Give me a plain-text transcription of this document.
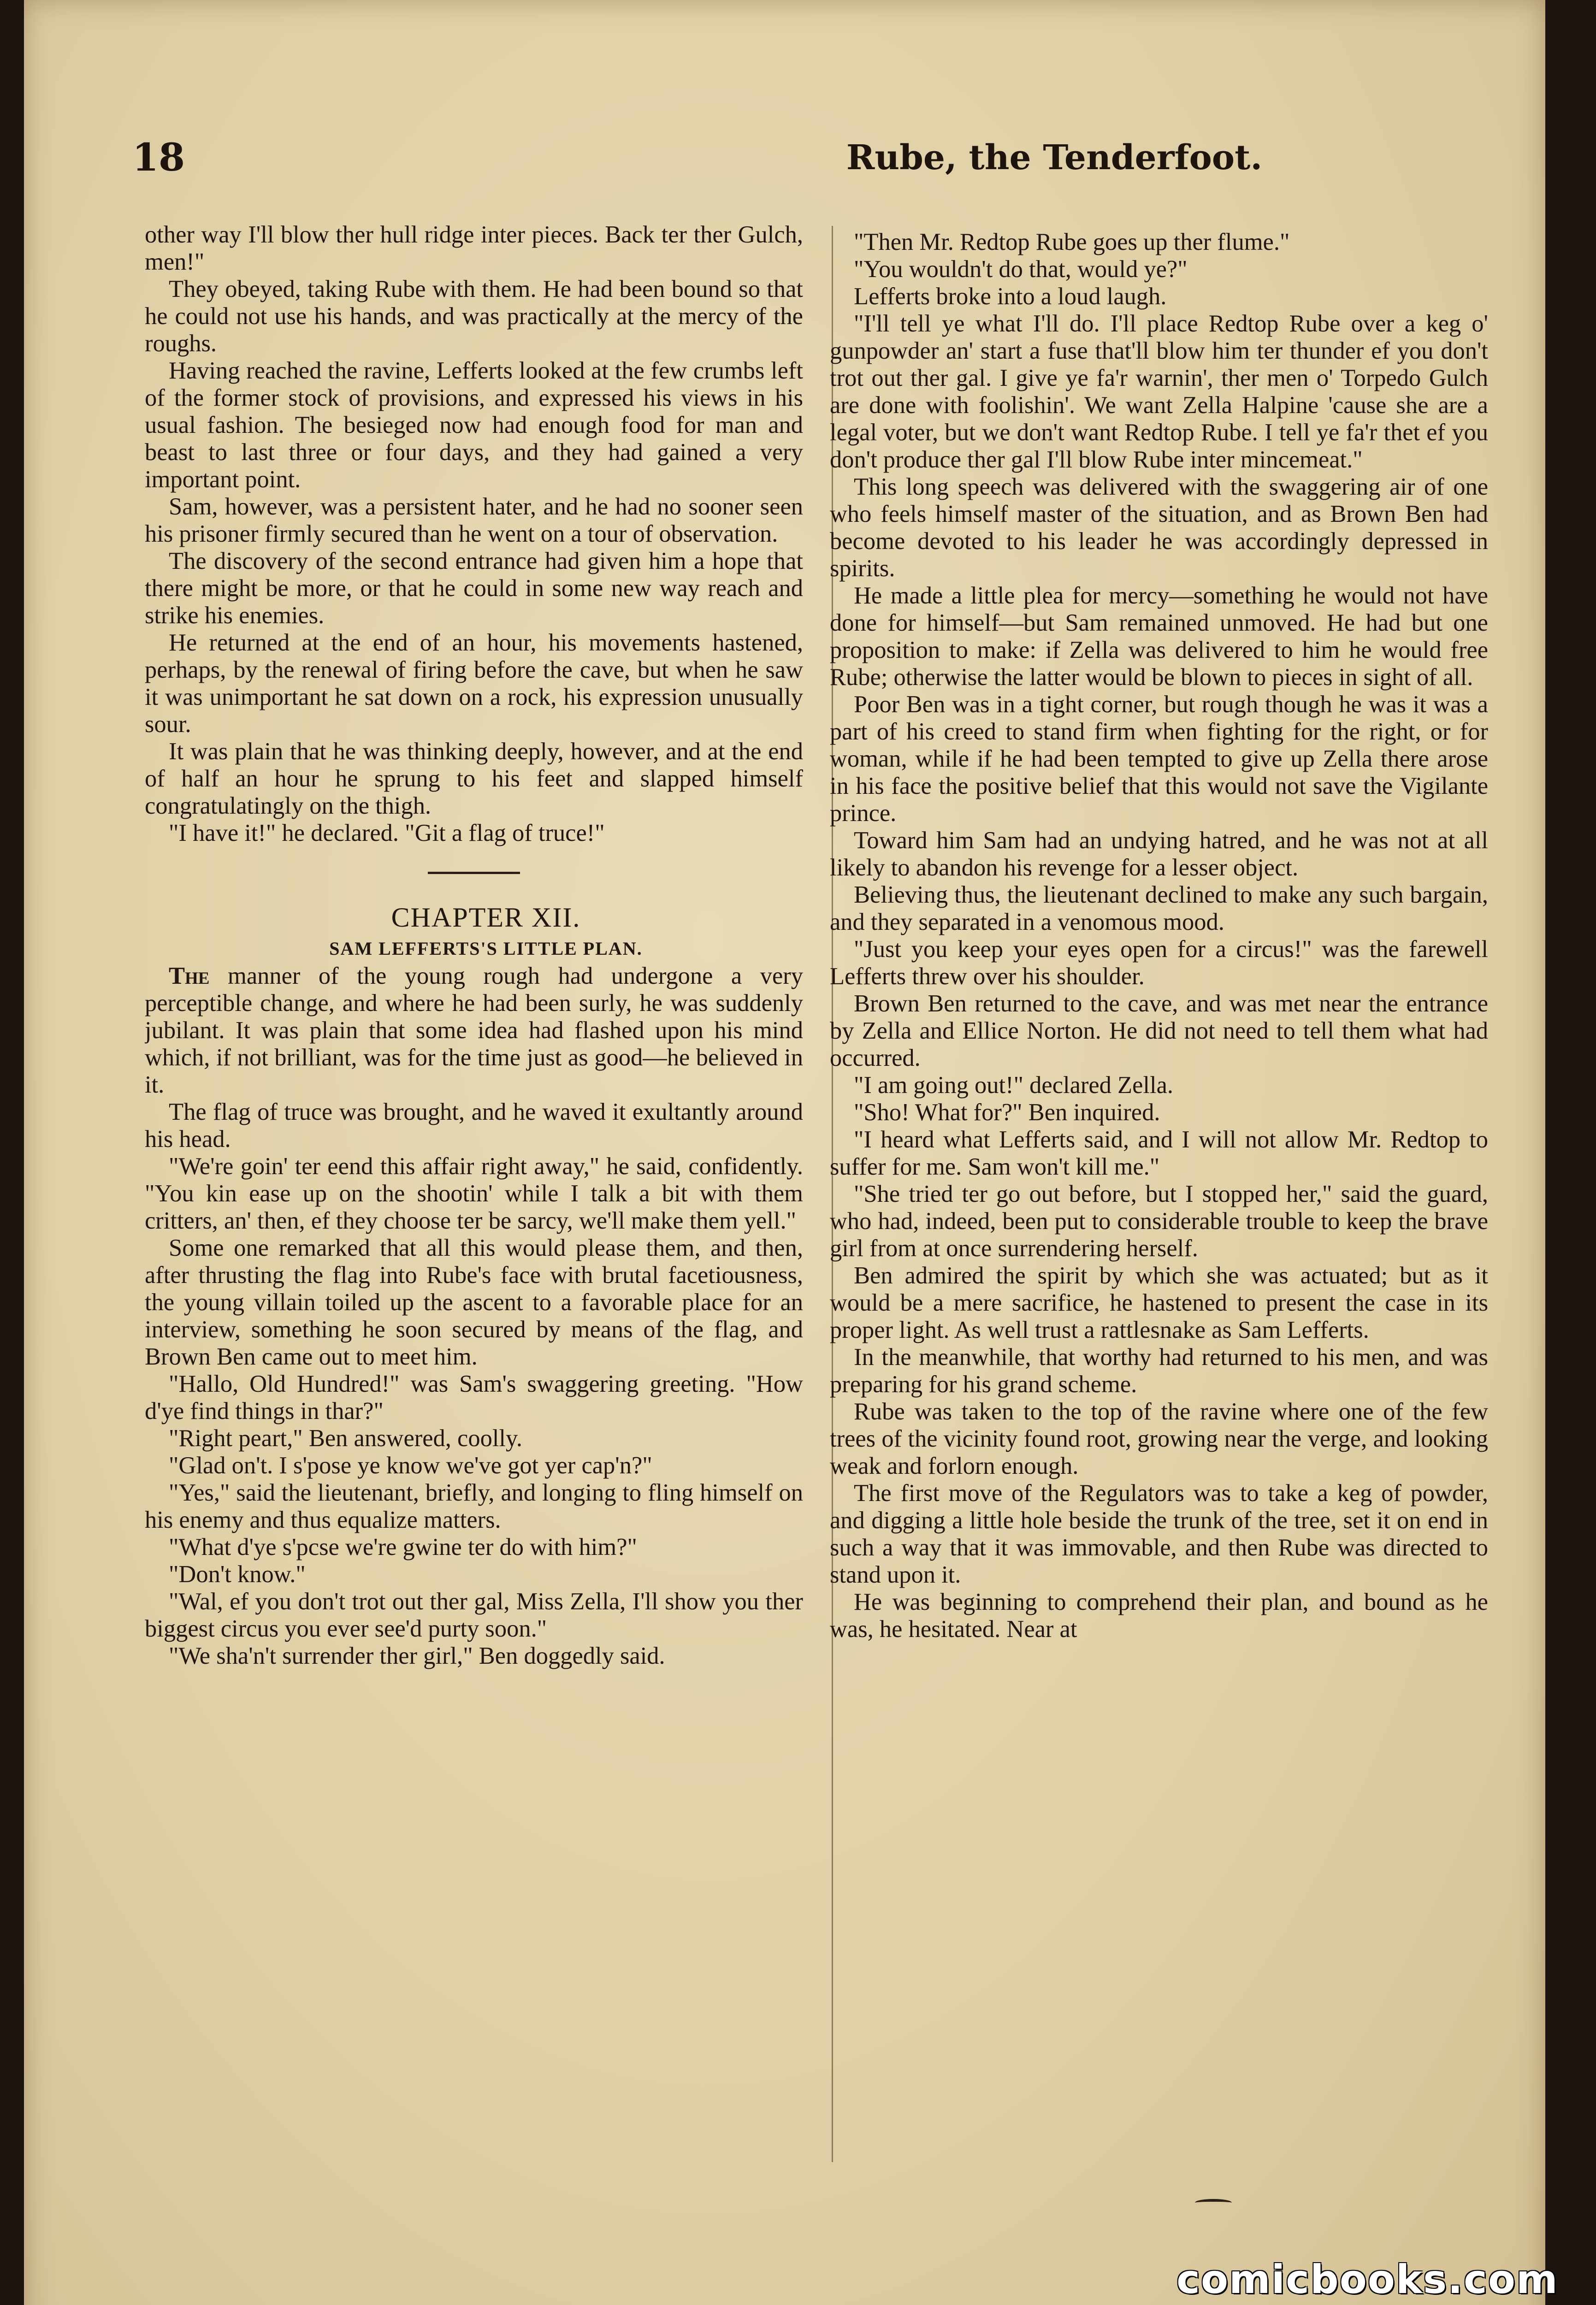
18	Rube, the Tenderfoot.

other way I'll blow ther hull ridge inter pieces. Back ter ther Gulch, men!"

They obeyed, taking Rube with them. He had been bound so that he could not use his hands, and was practically at the mercy of the roughs.

Having reached the ravine, Lefferts looked at the few crumbs left of the former stock of provisions, and expressed his views in his usual fashion. The besieged now had enough food for man and beast to last three or four days, and they had gained a very important point.

Sam, however, was a persistent hater, and he had no sooner seen his prisoner firmly secured than he went on a tour of observation.

The discovery of the second entrance had given him a hope that there might be more, or that he could in some new way reach and strike his enemies.

He returned at the end of an hour, his movements hastened, perhaps, by the renewal of firing before the cave, but when he saw it was unimportant he sat down on a rock, his expression unusually sour.

It was plain that he was thinking deeply, however, and at the end of half an hour he sprung to his feet and slapped himself congratulatingly on the thigh.

"I have it!" he declared. "Git a flag of truce!"

CHAPTER XII.

SAM LEFFERTS'S LITTLE PLAN.

The manner of the young rough had undergone a very perceptible change, and where he had been surly, he was suddenly jubilant. It was plain that some idea had flashed upon his mind which, if not brilliant, was for the time just as good—he believed in it.

The flag of truce was brought, and he waved it exultantly around his head.

"We're goin' ter eend this affair right away," he said, confidently. "You kin ease up on the shootin' while I talk a bit with them critters, an' then, ef they choose ter be sarcy, we'll make them yell."

Some one remarked that all this would please them, and then, after thrusting the flag into Rube's face with brutal facetiousness, the young villain toiled up the ascent to a favorable place for an interview, something he soon secured by means of the flag, and Brown Ben came out to meet him.

"Hallo, Old Hundred!" was Sam's swaggering greeting. "How d'ye find things in thar?"

"Right peart," Ben answered, coolly.

"Glad on't. I s'pose ye know we've got yer cap'n?"

"Yes," said the lieutenant, briefly, and longing to fling himself on his enemy and thus equalize matters.

"What d'ye s'pcse we're gwine ter do with him?"

"Don't know."

"Wal, ef you don't trot out ther gal, Miss Zella, I'll show you ther biggest circus you ever see'd purty soon."

"We sha'n't surrender ther girl," Ben doggedly said.

"Then Mr. Redtop Rube goes up ther flume."

"You wouldn't do that, would ye?"

Lefferts broke into a loud laugh.

"I'll tell ye what I'll do. I'll place Redtop Rube over a keg o' gunpowder an' start a fuse that'll blow him ter thunder ef you don't trot out ther gal. I give ye fa'r warnin', ther men o' Torpedo Gulch are done with foolishin'. We want Zella Halpine 'cause she are a legal voter, but we don't want Redtop Rube. I tell ye fa'r thet ef you don't produce ther gal I'll blow Rube inter mincemeat."

This long speech was delivered with the swaggering air of one who feels himself master of the situation, and as Brown Ben had become devoted to his leader he was accordingly depressed in spirits.

He made a little plea for mercy—something he would not have done for himself—but Sam remained unmoved. He had but one proposition to make: if Zella was delivered to him he would free Rube; otherwise the latter would be blown to pieces in sight of all.

Poor Ben was in a tight corner, but rough though he was it was a part of his creed to stand firm when fighting for the right, or for woman, while if he had been tempted to give up Zella there arose in his face the positive belief that this would not save the Vigilante prince.

Toward him Sam had an undying hatred, and he was not at all likely to abandon his revenge for a lesser object.

Believing thus, the lieutenant declined to make any such bargain, and they separated in a venomous mood.

"Just you keep your eyes open for a circus!" was the farewell Lefferts threw over his shoulder.

Brown Ben returned to the cave, and was met near the entrance by Zella and Ellice Norton. He did not need to tell them what had occurred.

"I am going out!" declared Zella.

"Sho! What for?" Ben inquired.

"I heard what Lefferts said, and I will not allow Mr. Redtop to suffer for me. Sam won't kill me."

"She tried ter go out before, but I stopped her," said the guard, who had, indeed, been put to considerable trouble to keep the brave girl from at once surrendering herself.

Ben admired the spirit by which she was actuated; but as it would be a mere sacrifice, he hastened to present the case in its proper light. As well trust a rattlesnake as Sam Lefferts.

In the meanwhile, that worthy had returned to his men, and was preparing for his grand scheme.

Rube was taken to the top of the ravine where one of the few trees of the vicinity found root, growing near the verge, and looking weak and forlorn enough.

The first move of the Regulators was to take a keg of powder, and digging a little hole beside the trunk of the tree, set it on end in such a way that it was immovable, and then Rube was directed to stand upon it.

He was beginning to comprehend their plan, and bound as he was, he hesitated. Near at

comicbooks.com
